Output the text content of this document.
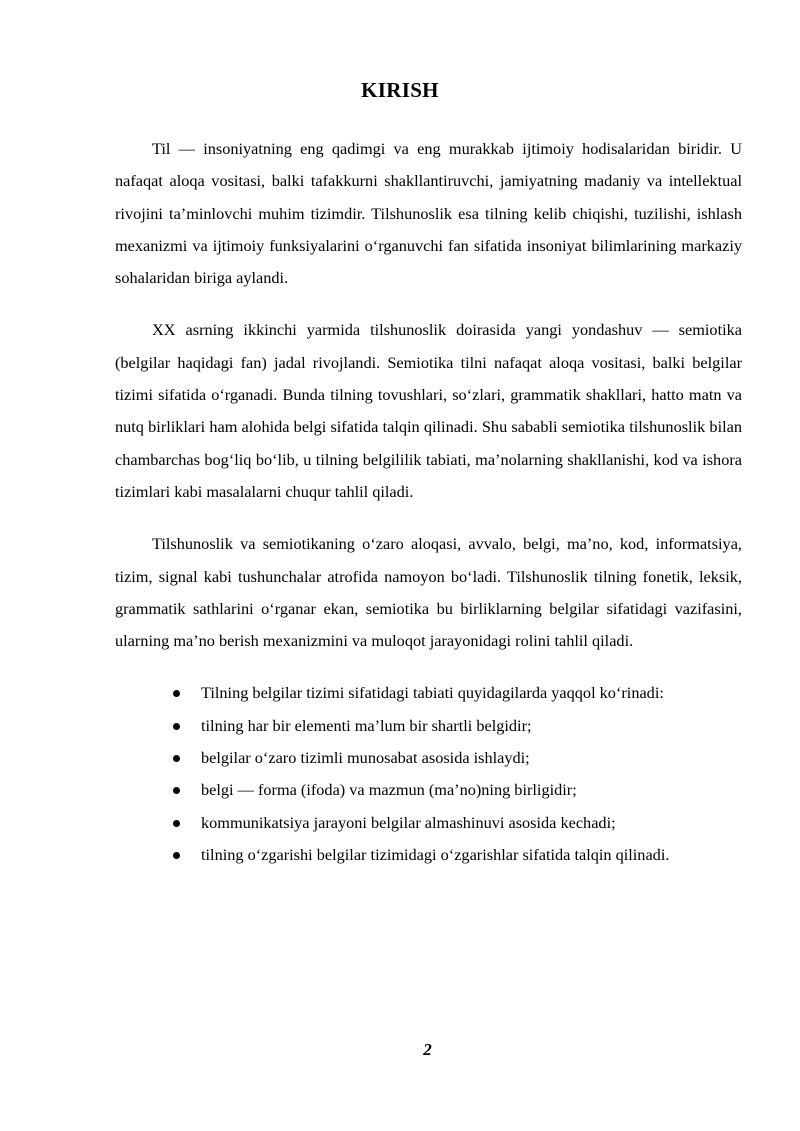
KIRISH

Til — insoniyatning eng qadimgi va eng murakkab ijtimoiy hodisalaridan biridir. U nafaqat aloqa vositasi, balki tafakkurni shakllantiruvchi, jamiyatning madaniy va intellektual rivojini ta’minlovchi muhim tizimdir. Tilshunoslik esa tilning kelib chiqishi, tuzilishi, ishlash mexanizmi va ijtimoiy funksiyalarini o‘rganuvchi fan sifatida insoniyat bilimlarining markaziy sohalaridan biriga aylandi.

XX asrning ikkinchi yarmida tilshunoslik doirasida yangi yondashuv — semiotika (belgilar haqidagi fan) jadal rivojlandi. Semiotika tilni nafaqat aloqa vositasi, balki belgilar tizimi sifatida o‘rganadi. Bunda tilning tovushlari, so‘zlari, grammatik shakllari, hatto matn va nutq birliklari ham alohida belgi sifatida talqin qilinadi. Shu sababli semiotika tilshunoslik bilan chambarchas bog‘liq bo‘lib, u tilning belgililik tabiati, ma’nolarning shakllanishi, kod va ishora tizimlari kabi masalalarni chuqur tahlil qiladi.

Tilshunoslik va semiotikaning o‘zaro aloqasi, avvalo, belgi, ma’no, kod, informatsiya, tizim, signal kabi tushunchalar atrofida namoyon bo‘ladi. Tilshunoslik tilning fonetik, leksik, grammatik sathlarini o‘rganar ekan, semiotika bu birliklarning belgilar sifatidagi vazifasini, ularning ma’no berish mexanizmini va muloqot jarayonidagi rolini tahlil qiladi.

Tilning belgilar tizimi sifatidagi tabiati quyidagilarda yaqqol ko‘rinadi:
tilning har bir elementi ma’lum bir shartli belgidir;
belgilar o‘zaro tizimli munosabat asosida ishlaydi;
belgi — forma (ifoda) va mazmun (ma’no)ning birligidir;
kommunikatsiya jarayoni belgilar almashinuvi asosida kechadi;
tilning o‘zgarishi belgilar tizimidagi o‘zgarishlar sifatida talqin qilinadi.
2
